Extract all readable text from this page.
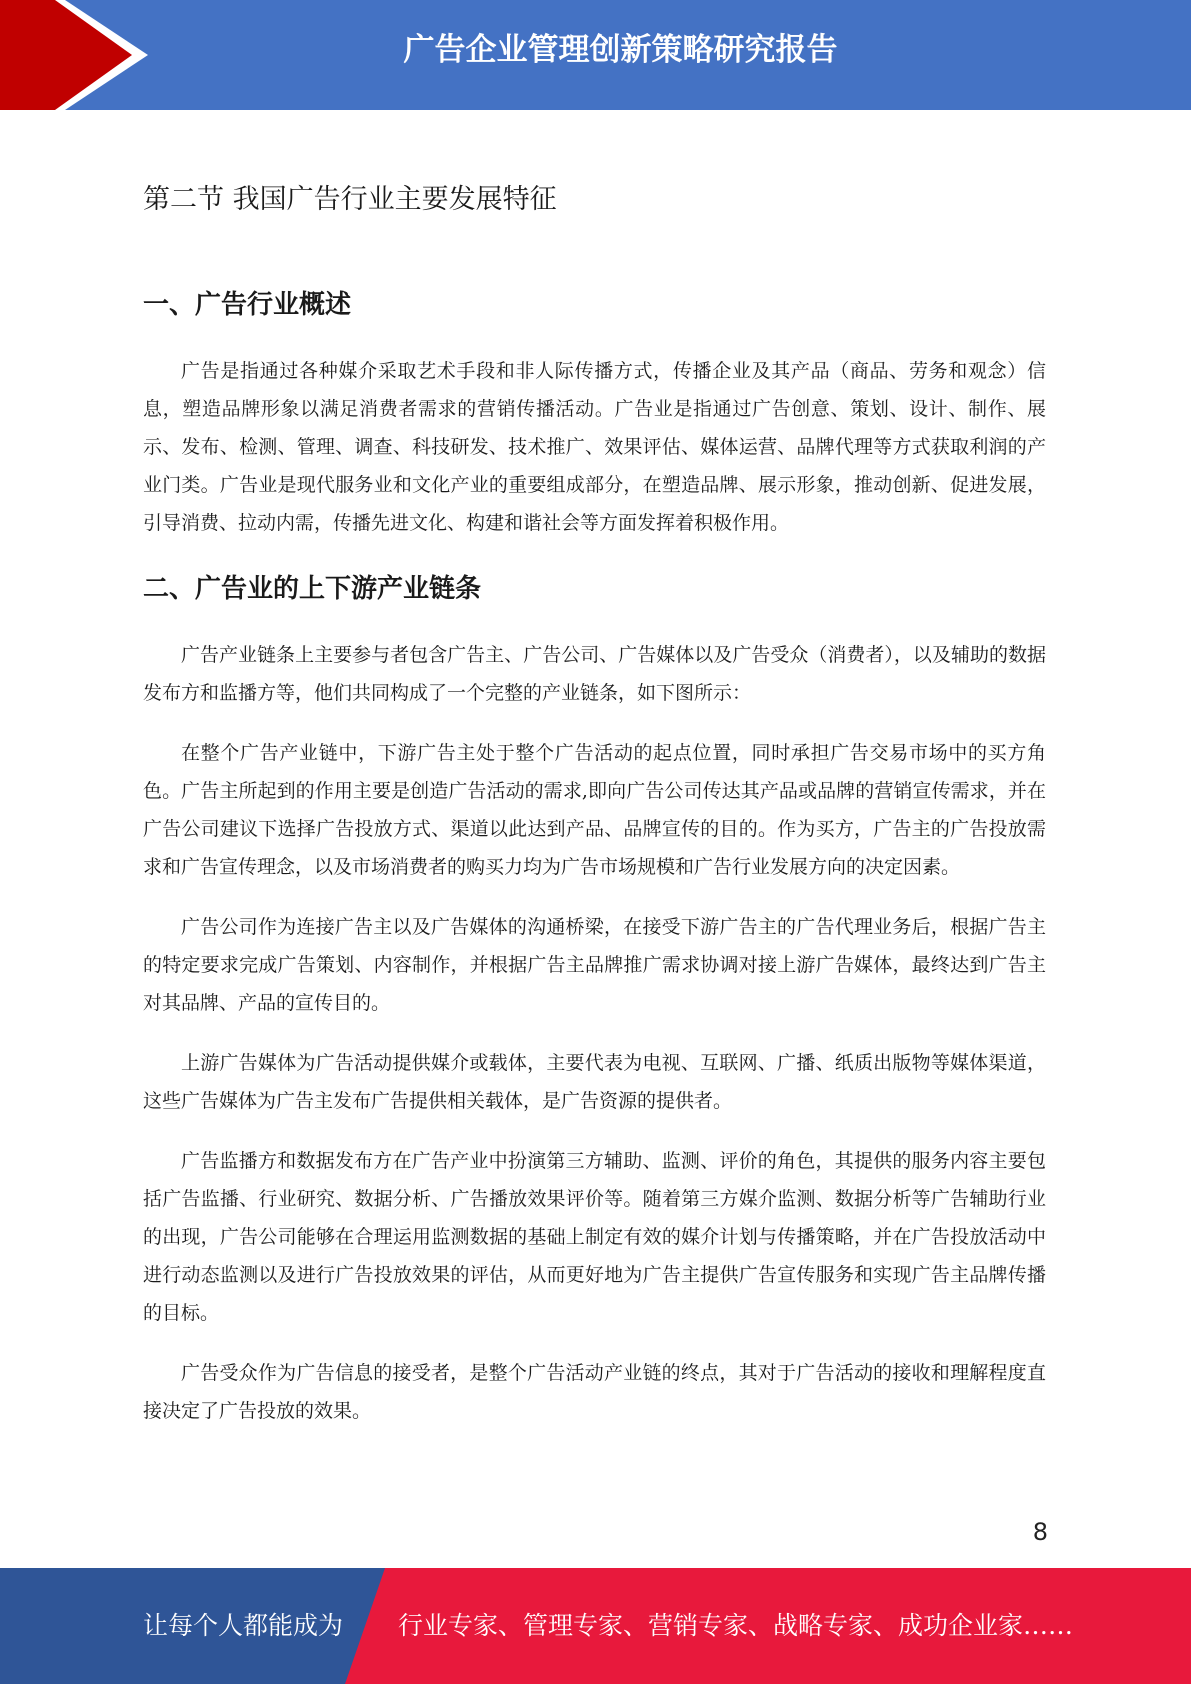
广告企业管理创新策略研究报告
第二节 我国广告行业主要发展特征
一、广告行业概述

广告是指通过各种媒介采取艺术手段和非人际传播方式，传播企业及其产品（商品、劳务和观念）信息，塑造品牌形象以满足消费者需求的营销传播活动。广告业是指通过广告创意、策划、设计、制作、展示、发布、检测、管理、调查、科技研发、技术推广、效果评估、媒体运营、品牌代理等方式获取利润的产业门类。广告业是现代服务业和文化产业的重要组成部分，在塑造品牌、展示形象，推动创新、促进发展，引导消费、拉动内需，传播先进文化、构建和谐社会等方面发挥着积极作用。

二、广告业的上下游产业链条

广告产业链条上主要参与者包含广告主、广告公司、广告媒体以及广告受众（消费者），以及辅助的数据发布方和监播方等，他们共同构成了一个完整的产业链条，如下图所示：

在整个广告产业链中，下游广告主处于整个广告活动的起点位置，同时承担广告交易市场中的买方角色。广告主所起到的作用主要是创造广告活动的需求,即向广告公司传达其产品或品牌的营销宣传需求，并在广告公司建议下选择广告投放方式、渠道以此达到产品、品牌宣传的目的。作为买方，广告主的广告投放需求和广告宣传理念，以及市场消费者的购买力均为广告市场规模和广告行业发展方向的决定因素。

广告公司作为连接广告主以及广告媒体的沟通桥梁，在接受下游广告主的广告代理业务后，根据广告主的特定要求完成广告策划、内容制作，并根据广告主品牌推广需求协调对接上游广告媒体，最终达到广告主对其品牌、产品的宣传目的。

上游广告媒体为广告活动提供媒介或载体，主要代表为电视、互联网、广播、纸质出版物等媒体渠道，这些广告媒体为广告主发布广告提供相关载体，是广告资源的提供者。

广告监播方和数据发布方在广告产业中扮演第三方辅助、监测、评价的角色，其提供的服务内容主要包括广告监播、行业研究、数据分析、广告播放效果评价等。随着第三方媒介监测、数据分析等广告辅助行业的出现，广告公司能够在合理运用监测数据的基础上制定有效的媒介计划与传播策略，并在广告投放活动中进行动态监测以及进行广告投放效果的评估，从而更好地为广告主提供广告宣传服务和实现广告主品牌传播的目标。

广告受众作为广告信息的接受者，是整个广告活动产业链的终点，其对于广告活动的接收和理解程度直接决定了广告投放的效果。

8
让每个人都能成为 行业专家、管理专家、营销专家、战略专家、成功企业家……
